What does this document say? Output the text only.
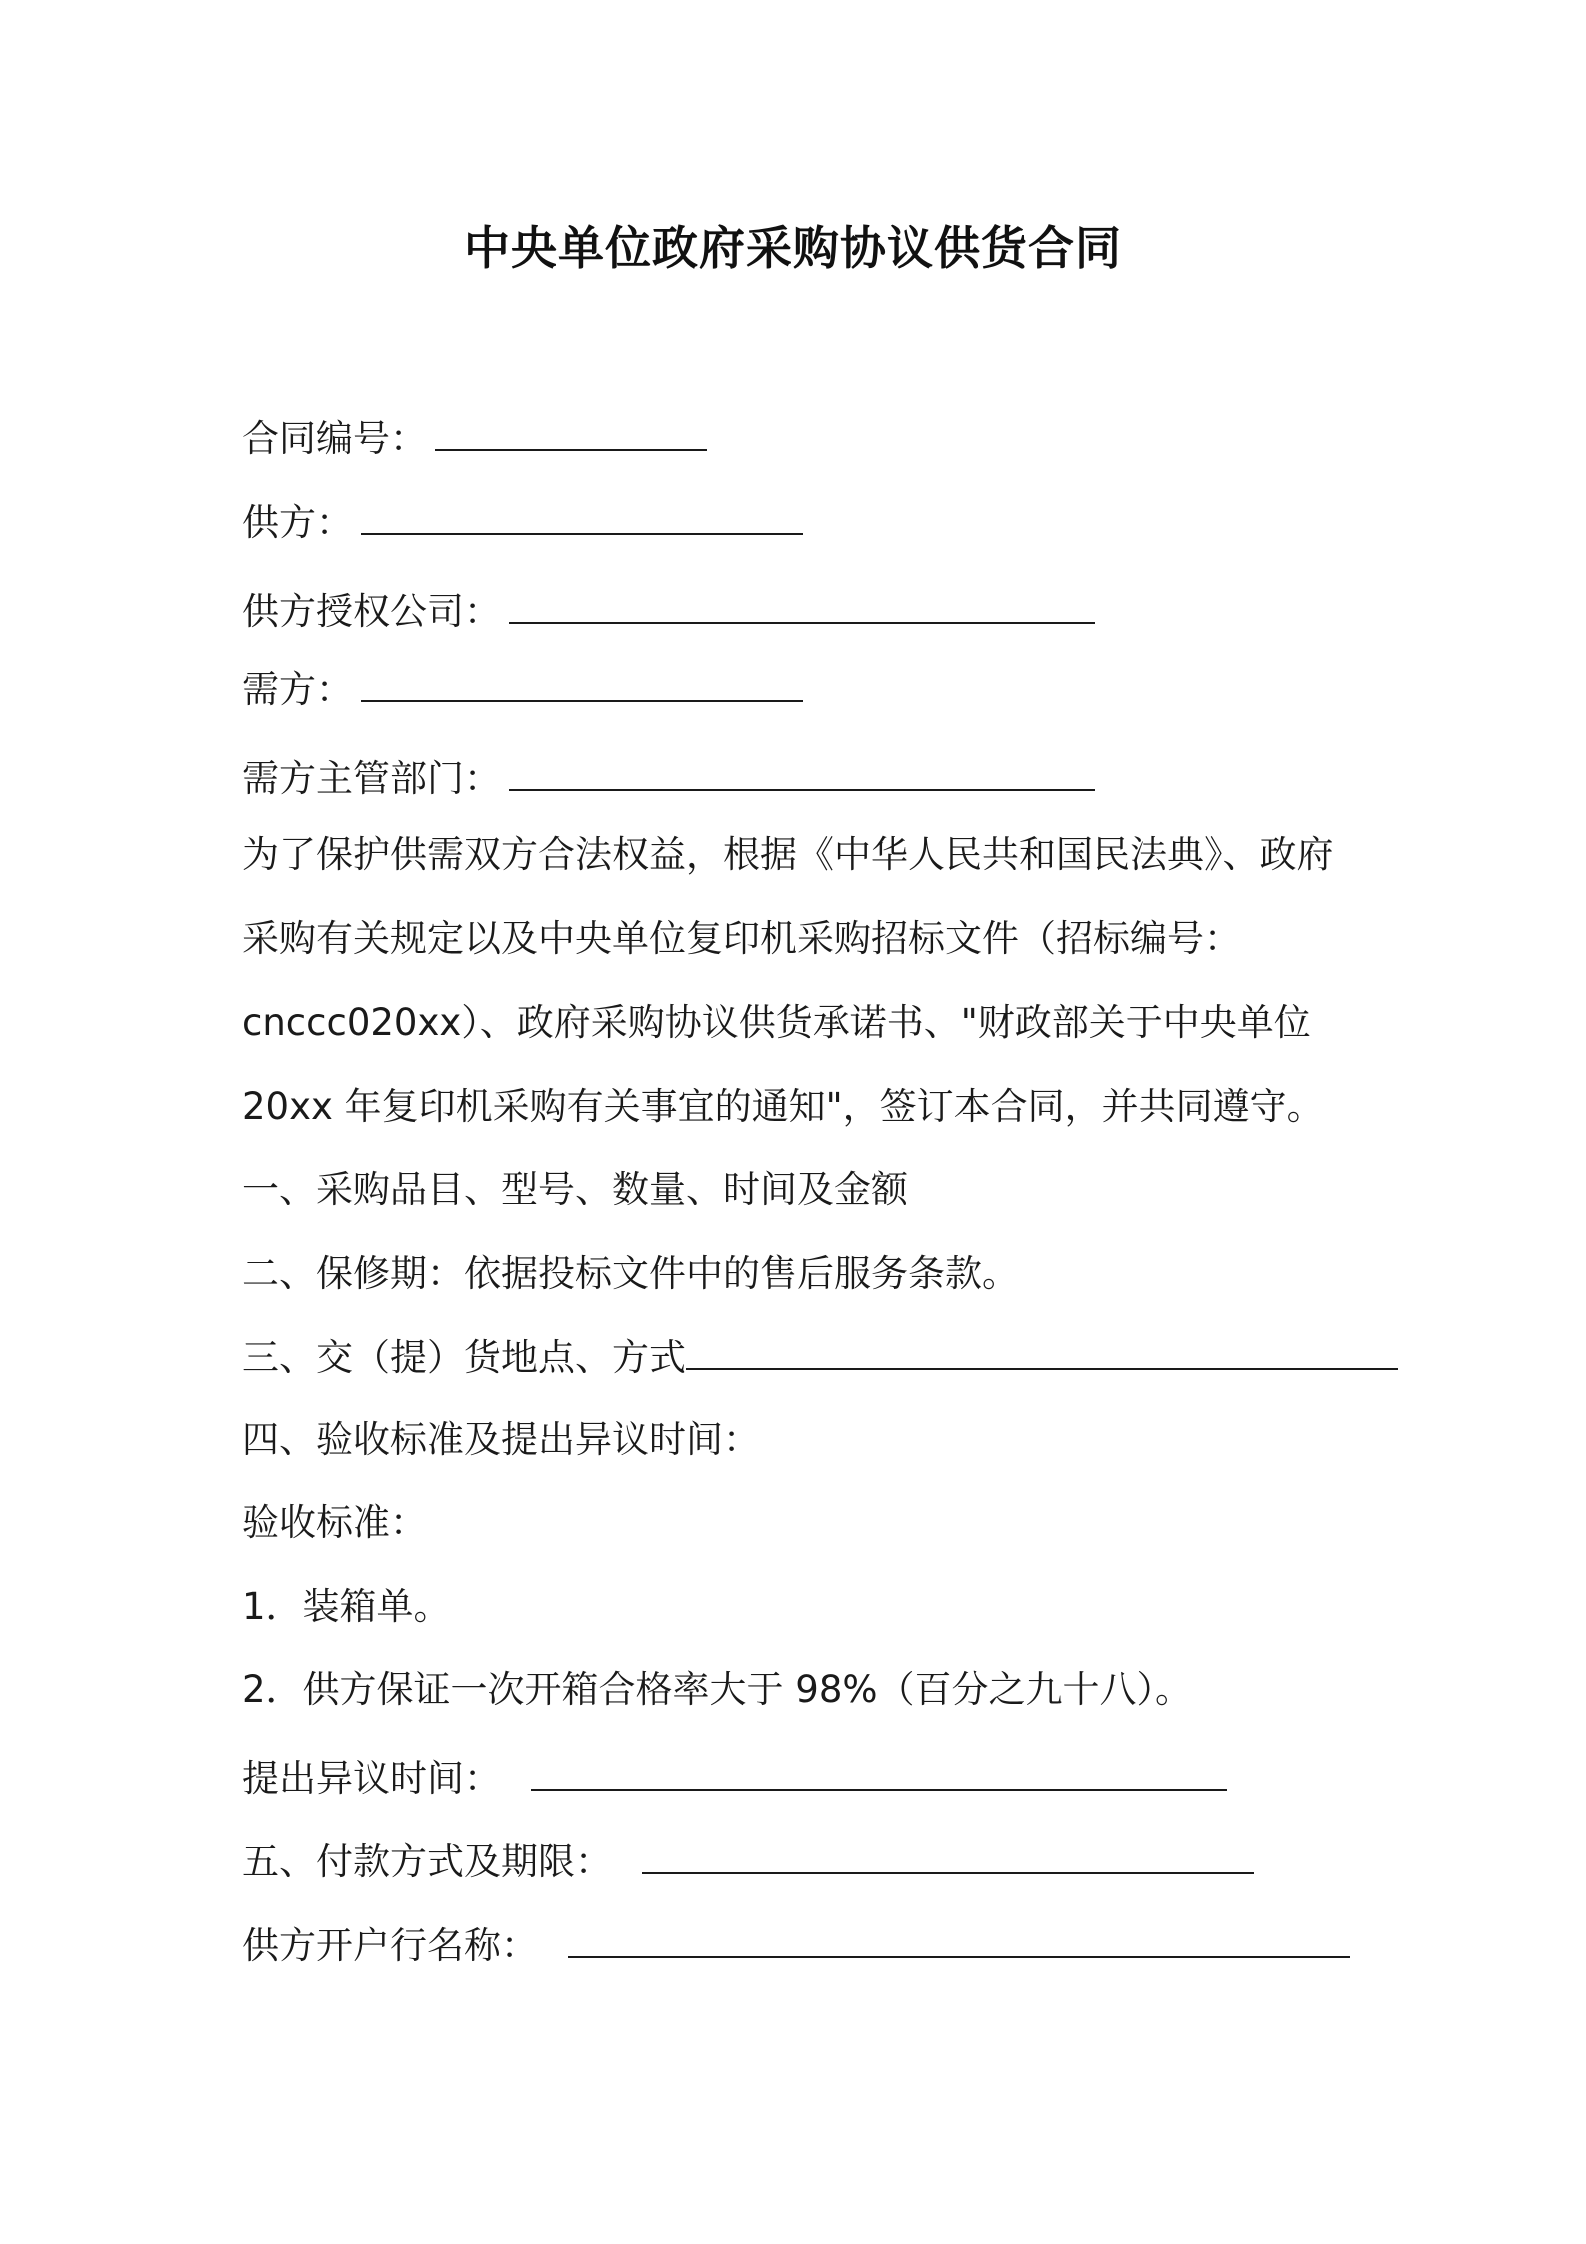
中央单位政府采购协议供货合同

合同编号：

供方：

供方授权公司：

需方：

需方主管部门：

为了保护供需双方合法权益，根据《中华人民共和国民法典》、政府

采购有关规定以及中央单位复印机采购招标文件（招标编号：

cnccc020xx）、政府采购协议供货承诺书、"财政部关于中央单位

20xx 年复印机采购有关事宜的通知"，签订本合同，并共同遵守。

一、采购品目、型号、数量、时间及金额

二、保修期：依据投标文件中的售后服务条款。

三、交（提）货地点、方式

四、验收标准及提出异议时间：

验收标准：

1．装箱单。

2．供方保证一次开箱合格率大于 98%（百分之九十八）。

提出异议时间：

五、付款方式及期限：

供方开户行名称：
